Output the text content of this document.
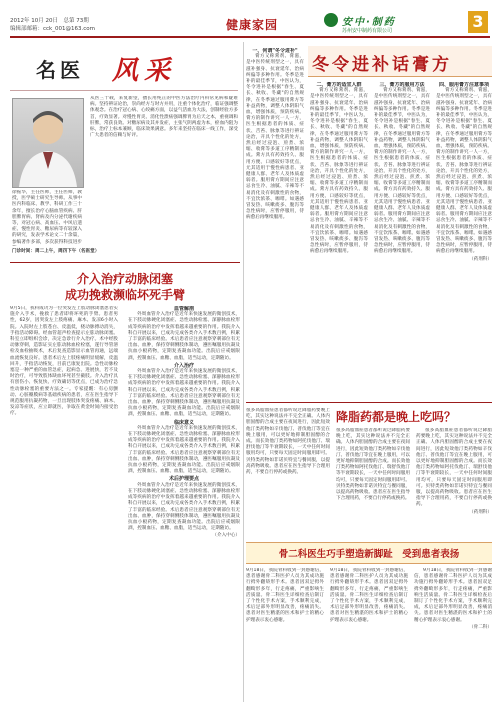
2012年 10月 20日　总第 73期
编辑部邮箱：cck_001@163.com	健康家园	安中·制药
苏州安中制药有限公司	3
名医 风采
徐振华，主任医师，主任医师，教授，医学硕士研究生导师。从事中医内科临床、教学、科研工作三十余年，擅长治疗心脑血管疾病、肝胆脾胃病、肾病及内分泌代谢疾病等，对冠心病、高血压、中风后遗症、慢性胃炎、糖尿病等有较深入的研究，发表学术论文二十余篇，参编著作多部，多次获得科技进步
门诊时间：周二上午，周四下午（名医堂）
从医三十载，来复新望，擅长用纯正的中医方法治疗内科常见病和疑难病。坚持辨证论治，崇尚经方与时方并用，注重个体化治疗，临证强调整体观念。在治疗冠心病、心绞痛方面，以益气活血为大法，创制经验方多首，疗效显著。对慢性胃炎、消化性溃疡强调脾胃为后天之本，重视调和肝脾，常获良效。对糖尿病及其并发症，主张气阴两虚为本，瘀血内阻为标，治疗上标本兼顾，临床效果满意。多年来坚持在临床一线工作，深受广大患者的信赖与好评。
介入治疗动脉闭塞
成功挽救濒临坏死手臂
9月5日，我科成功为一位突发左上肢动脉闭塞患者实施介入手术，挽救了患者即将坏死的手臂。患者男性，62岁，因突发左上肢疼痛、麻木、发凉6小时入院。入院时左上肢苍白、皮温低，桡动脉搏动消失，手指活动障碍。经血管超声检查提示左肱动脉闭塞。科室立即组织会诊，决定急诊行介入治疗。术中经股动脉穿刺，造影证实左肱动脉血栓栓塞，遂行导管溶栓及血栓抽吸术，术后复查造影显示血管再通，远端血流恢复良好。患者术后左上肢疼痛明显缓解，皮温回升，手指活动恢复，目前已康复出院。急性动脉栓塞是一种严重的血管急症，起病急、进展快，若不及时治疗，可导致肢体缺血坏死甚至截肢。介入治疗具有创伤小、恢复快、疗效确切等优点，已成为治疗急性动脉栓塞的重要方法之一。专家提醒：有心房颤动、心脏瓣膜病等基础疾病的患者，应在医生指导下规范服用抗凝药物，一旦出现肢体突发疼痛、麻木、发凉等症状，应立即就医，争取在黄金时间内接受治疗。
血管解剖

外周血管介入治疗是近年来快速发展的微创技术，在下肢动脉硬化闭塞症、急性动脉栓塞、深静脉血栓形成等疾病的治疗中发挥着越来越重要的作用。我院介入科自开展以来，已成功完成各类介入手术数百例，积累了丰富的临床经验。术后患者应注意观察穿刺部位有无出血、血肿，保持穿刺侧肢体制动，遵医嘱服用抗凝及抗血小板药物，定期复查凝血功能。出院后应戒烟限酒，控制血压、血糖、血脂，适当运动，定期随访。

介入治疗

外周血管介入治疗是近年来快速发展的微创技术，在下肢动脉硬化闭塞症、急性动脉栓塞、深静脉血栓形成等疾病的治疗中发挥着越来越重要的作用。我院介入科自开展以来，已成功完成各类介入手术数百例，积累了丰富的临床经验。术后患者应注意观察穿刺部位有无出血、血肿，保持穿刺侧肢体制动，遵医嘱服用抗凝及抗血小板药物，定期复查凝血功能。出院后应戒烟限酒，控制血压、血糖、血脂，适当运动，定期随访。

临床意义

外周血管介入治疗是近年来快速发展的微创技术，在下肢动脉硬化闭塞症、急性动脉栓塞、深静脉血栓形成等疾病的治疗中发挥着越来越重要的作用。我院介入科自开展以来，已成功完成各类介入手术数百例，积累了丰富的临床经验。术后患者应注意观察穿刺部位有无出血、血肿，保持穿刺侧肢体制动，遵医嘱服用抗凝及抗血小板药物，定期复查凝血功能。出院后应戒烟限酒，控制血压、血糖、血脂，适当运动，定期随访。

术后护理要点

外周血管介入治疗是近年来快速发展的微创技术，在下肢动脉硬化闭塞症、急性动脉栓塞、深静脉血栓形成等疾病的治疗中发挥着越来越重要的作用。我院介入科自开展以来，已成功完成各类介入手术数百例，积累了丰富的临床经验。术后患者应注意观察穿刺部位有无出血、血肿，保持穿刺侧肢体制动，遵医嘱服用抗凝及抗血小板药物，定期复查凝血功能。出院后应戒烟限酒，控制血压、血糖、血脂，适当运动，定期随访。

（介入中心）
冬令进补话膏方
一、何谓"冬令进补"

膏方又称膏剂、膏滋，是中医传统剂型之一，具有滋补强身、抗衰延年、治病纠偏等多种作用。冬季是进补的最佳季节，中医认为，冬令进补是根据"春生、夏长、秋收、冬藏"的自然规律，在冬季通过服用膏方等补益药物，调整人体阴阳气血，增强体质，预防疾病。膏方的制作讲究一人一方，医生根据患者的体质、症状、舌苔、脉象等进行辨证论治，开具个性化的处方，然后经过浸泡、煎煮、浓缩、收膏等多道工序精制而成。膏方具有药效持久、服用方便、口感较好等优点，尤其适用于慢性病患者、亚健康人群、老年人及体质虚弱者。服用膏方期间应注意忌食生冷、油腻、辛辣等不易消化及有刺激性的食物，不宜饮浓茶、咖啡。如遇感冒发热、咳嗽痰多、腹泻等急性病时，应暂停服用，待病愈后再继续服用。

二、膏方的适宜人群

膏方又称膏剂、膏滋，是中医传统剂型之一，具有滋补强身、抗衰延年、治病纠偏等多种作用。冬季是进补的最佳季节，中医认为，冬令进补是根据"春生、夏长、秋收、冬藏"的自然规律，在冬季通过服用膏方等补益药物，调整人体阴阳气血，增强体质，预防疾病。膏方的制作讲究一人一方，医生根据患者的体质、症状、舌苔、脉象等进行辨证论治，开具个性化的处方，然后经过浸泡、煎煮、浓缩、收膏等多道工序精制而成。膏方具有药效持久、服用方便、口感较好等优点，尤其适用于慢性病患者、亚健康人群、老年人及体质虚弱者。服用膏方期间应注意忌食生冷、油腻、辛辣等不易消化及有刺激性的食物，不宜饮浓茶、咖啡。如遇感冒发热、咳嗽痰多、腹泻等急性病时，应暂停服用，待病愈后再继续服用。

三、膏方的服用方法

膏方又称膏剂、膏滋，是中医传统剂型之一，具有滋补强身、抗衰延年、治病纠偏等多种作用。冬季是进补的最佳季节，中医认为，冬令进补是根据"春生、夏长、秋收、冬藏"的自然规律，在冬季通过服用膏方等补益药物，调整人体阴阳气血，增强体质，预防疾病。膏方的制作讲究一人一方，医生根据患者的体质、症状、舌苔、脉象等进行辨证论治，开具个性化的处方，然后经过浸泡、煎煮、浓缩、收膏等多道工序精制而成。膏方具有药效持久、服用方便、口感较好等优点，尤其适用于慢性病患者、亚健康人群、老年人及体质虚弱者。服用膏方期间应注意忌食生冷、油腻、辛辣等不易消化及有刺激性的食物，不宜饮浓茶、咖啡。如遇感冒发热、咳嗽痰多、腹泻等急性病时，应暂停服用，待病愈后再继续服用。

四、服用膏方注意事项

膏方又称膏剂、膏滋，是中医传统剂型之一，具有滋补强身、抗衰延年、治病纠偏等多种作用。冬季是进补的最佳季节，中医认为，冬令进补是根据"春生、夏长、秋收、冬藏"的自然规律，在冬季通过服用膏方等补益药物，调整人体阴阳气血，增强体质，预防疾病。膏方的制作讲究一人一方，医生根据患者的体质、症状、舌苔、脉象等进行辨证论治，开具个性化的处方，然后经过浸泡、煎煮、浓缩、收膏等多道工序精制而成。膏方具有药效持久、服用方便、口感较好等优点，尤其适用于慢性病患者、亚健康人群、老年人及体质虚弱者。服用膏方期间应注意忌食生冷、油腻、辛辣等不易消化及有刺激性的食物，不宜饮浓茶、咖啡。如遇感冒发热、咳嗽痰多、腹泻等急性病时，应暂停服用，待病愈后再继续服用。

（药剂科）
降脂药都是晚上吃吗？
很多高脂血症患者都听说过降脂药要晚上吃，其实这种说法并不完全正确。人体内胆固醇的合成主要在夜间进行，因此短效他汀类药物如辛伐他汀、普伐他汀等宜在晚上服用，可以更好地抑制胆固醇的合成。而长效他汀类药物如阿托伐他汀、瑞舒伐他汀等半衰期较长，一天中任何时间服用均可，只要每天固定时间服用即可。贝特类药物如非诺贝特宜与餐同服，以提高药物吸收。患者应在医生指导下合理用药，不要自行停药或换药。
很多高脂血症患者都听说过降脂药要晚上吃，其实这种说法并不完全正确。人体内胆固醇的合成主要在夜间进行，因此短效他汀类药物如辛伐他汀、普伐他汀等宜在晚上服用，可以更好地抑制胆固醇的合成。而长效他汀类药物如阿托伐他汀、瑞舒伐他汀等半衰期较长，一天中任何时间服用均可，只要每天固定时间服用即可。贝特类药物如非诺贝特宜与餐同服，以提高药物吸收。患者应在医生指导下合理用药，不要自行停药或换药。

很多高脂血症患者都听说过降脂药要晚上吃，其实这种说法并不完全正确。人体内胆固醇的合成主要在夜间进行，因此短效他汀类药物如辛伐他汀、普伐他汀等宜在晚上服用，可以更好地抑制胆固醇的合成。而长效他汀类药物如阿托伐他汀、瑞舒伐他汀等半衰期较长，一天中任何时间服用均可，只要每天固定时间服用即可。贝特类药物如非诺贝特宜与餐同服，以提高药物吸收。患者应在医生指导下合理用药，不要自行停药或换药。

（药剂科）
骨二科医生巧手塑造新脚趾　受到患者表扬
9月18日，我院骨科收到一封感谢信，患者感谢骨二科医护人员为其成功施行拇外翻矫形手术。患者因双足拇外翻畸形多年，行走疼痛，严重影响生活质量。骨二科医生详细检查后制订了个性化手术方案，手术顺利完成，术后足部外形明显改善，疼痛消失。患者对医生精湛的医术和护士的精心护理表示衷心感谢。
9月18日，我院骨科收到一封感谢信，患者感谢骨二科医护人员为其成功施行拇外翻矫形手术。患者因双足拇外翻畸形多年，行走疼痛，严重影响生活质量。骨二科医生详细检查后制订了个性化手术方案，手术顺利完成，术后足部外形明显改善，疼痛消失。患者对医生精湛的医术和护士的精心护理表示衷心感谢。

9月18日，我院骨科收到一封感谢信，患者感谢骨二科医护人员为其成功施行拇外翻矫形手术。患者因双足拇外翻畸形多年，行走疼痛，严重影响生活质量。骨二科医生详细检查后制订了个性化手术方案，手术顺利完成，术后足部外形明显改善，疼痛消失。患者对医生精湛的医术和护士的精心护理表示衷心感谢。

（骨二科）
